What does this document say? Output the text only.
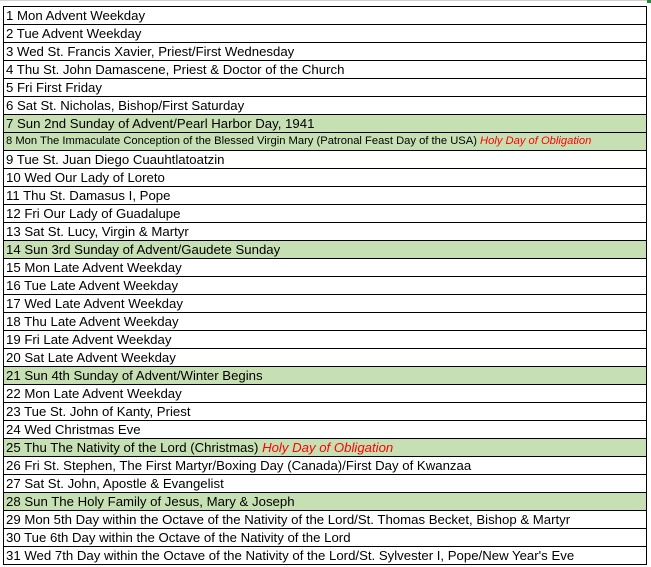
1 Mon Advent Weekday
2 Tue Advent Weekday
3 Wed St. Francis Xavier, Priest/First Wednesday
4 Thu St. John Damascene, Priest & Doctor of the Church
5 Fri First Friday
6 Sat St. Nicholas, Bishop/First Saturday
7 Sun 2nd Sunday of Advent/Pearl Harbor Day, 1941
8 Mon The Immaculate Conception of the Blessed Virgin Mary (Patronal Feast Day of the USA) Holy Day of Obligation
9 Tue St. Juan Diego Cuauhtlatoatzin
10 Wed Our Lady of Loreto
11 Thu St. Damasus I, Pope
12 Fri Our Lady of Guadalupe
13 Sat St. Lucy, Virgin & Martyr
14 Sun 3rd Sunday of Advent/Gaudete Sunday
15 Mon Late Advent Weekday
16 Tue Late Advent Weekday
17 Wed Late Advent Weekday
18 Thu Late Advent Weekday
19 Fri Late Advent Weekday
20 Sat Late Advent Weekday
21 Sun 4th Sunday of Advent/Winter Begins
22 Mon Late Advent Weekday
23 Tue St. John of Kanty, Priest
24 Wed Christmas Eve
25 Thu The Nativity of the Lord (Christmas) Holy Day of Obligation
26 Fri St. Stephen, The First Martyr/Boxing Day (Canada)/First Day of Kwanzaa
27 Sat St. John, Apostle & Evangelist
28 Sun The Holy Family of Jesus, Mary & Joseph
29 Mon 5th Day within the Octave of the Nativity of the Lord/St. Thomas Becket, Bishop & Martyr
30 Tue 6th Day within the Octave of the Nativity of the Lord
31 Wed 7th Day within the Octave of the Nativity of the Lord/St. Sylvester I, Pope/New Year's Eve
